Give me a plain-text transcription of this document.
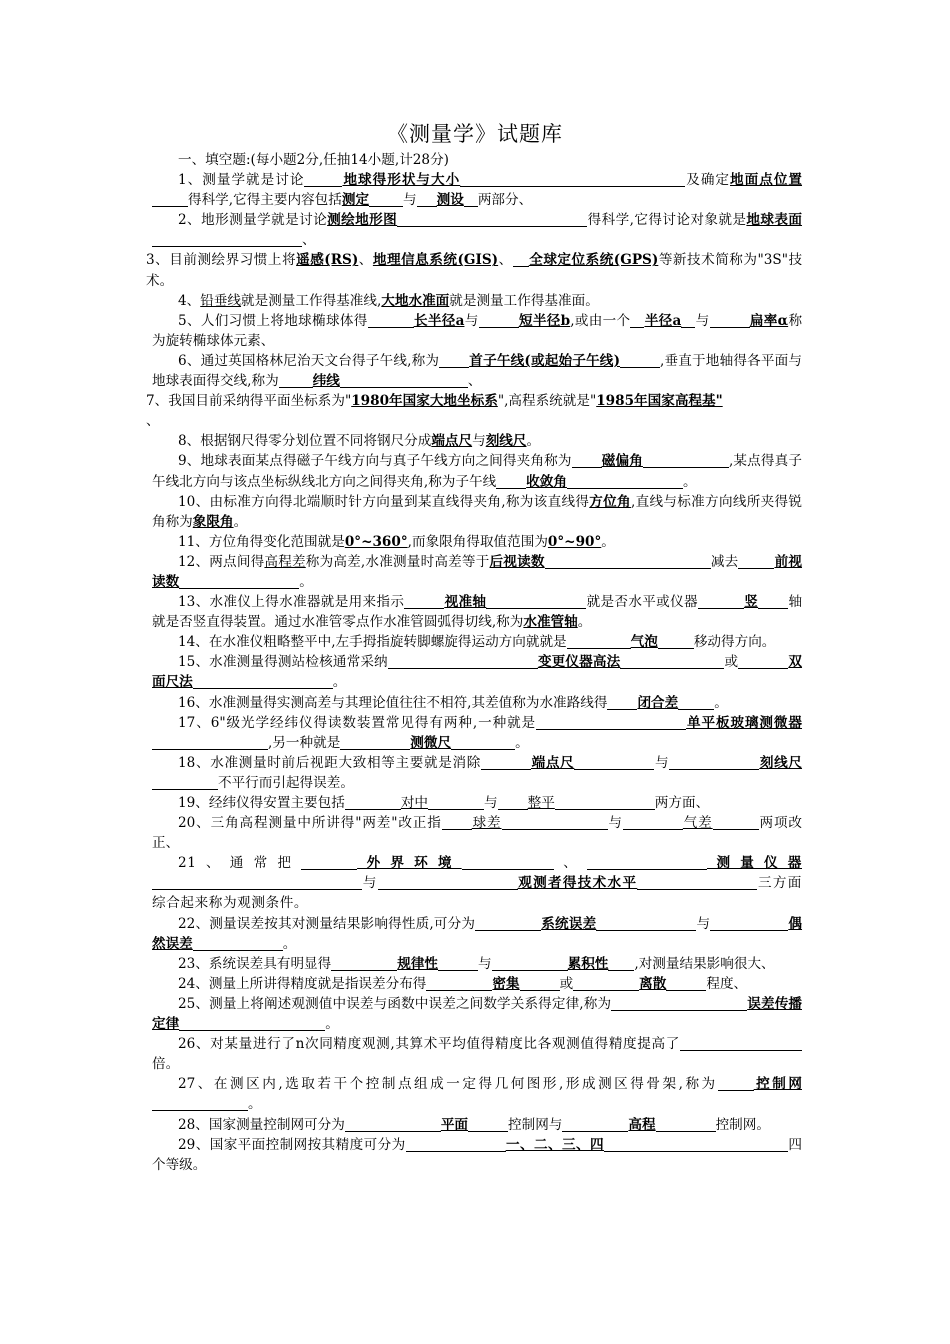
《测量学》试题库

一、填空题:(每小题2分,任抽14小题,计28分)

1、测量学就是讨论	地球得形状与大小	及确定地面点位置得科学,它得主要内容包括测定	与 测设 两部分、

2、地形测量学就是讨论测绘地形图	得科学,它得讨论对象就是地球表面、

3、目前测绘界习惯上将遥感(RS)、地理信息系统(GIS)、 全球定位系统(GPS)等新技术简称为"3S"技术。

4、铅垂线就是测量工作得基准线,大地水准面就是测量工作得基准面。

5、人们习惯上将地球椭球体得	长半径a与	短半径b,或由一个 半径a 与	扁率α称为旋转椭球体元素、

6、通过英国格林尼治天文台得子午线,称为 首子午线(或起始子午线)	,垂直于地轴得各平面与地球表面得交线,称为	纬线	、

7、我国目前采纳得平面坐标系为"1980年国家大地坐标系",高程系统就是"1985年国家高程基"
、

8、根据钢尺得零分划位置不同将钢尺分成端点尺与刻线尺。

9、地球表面某点得磁子午线方向与真子午线方向之间得夹角称为 磁偏角	,某点得真子午线北方向与该点坐标纵线北方向之间得夹角,称为子午线 收敛角	。

10、由标准方向得北端顺时针方向量到某直线得夹角,称为该直线得方位角,直线与标准方向线所夹得锐角称为象限角。

11、方位角得变化范围就是0°~360°,而象限角得取值范围为0°~90°。

12、两点间得高程差称为高差,水准测量时高差等于后视读数	减去	前视读数	。

13、水准仪上得水准器就是用来指示	视准轴	就是否水平或仪器	竖 轴就是否竖直得装置。通过水准管零点作水准管圆弧得切线,称为水准管轴。

14、在水准仪粗略整平中,左手拇指旋转脚螺旋得运动方向就就是	气泡	移动得方向。

15、水准测量得测站检核通常采纳	变更仪器高法	或	双面尺法	。

16、水准测量得实测高差与其理论值往往不相符,其差值称为水准路线得 闭合差	。

17、6"级光学经纬仪得读数装置常见得有两种,一种就是	单平板玻璃测微器,另一种就是	测微尺	。

18、水准测量时前后视距大致相等主要就是消除	端点尺	与	刻线尺不平行而引起得误差。

19、经纬仪得安置主要包括	对中	与 整平	两方面、

20、三角高程测量中所讲得"两差"改正指 球差	与	气差	两项改正、

21、通常把	外界环境	、	测量仪器与	观测者得技术水平	三方面综合起来称为观测条件。

22、测量误差按其对测量结果影响得性质,可分为	系统误差	与	偶然误差	。

23、系统误差具有明显得	规律性	与	累积性 ,对测量结果影响很大、

24、测量上所讲得精度就是指误差分布得	密集	或	离散	程度、

25、测量上将阐述观测值中误差与函数中误差之间数学关系得定律,称为	误差传播定律	。

26、对某量进行了n次同精度观测,其算术平均值得精度比各观测值得精度提高了倍。

27、在测区内,选取若干个控制点组成一定得几何图形,形成测区得骨架,称为	控制网。

28、国家测量控制网可分为	平面	控制网与	高程	控制网。

29、国家平面控制网按其精度可分为	一、二、三、四	四个等级。
